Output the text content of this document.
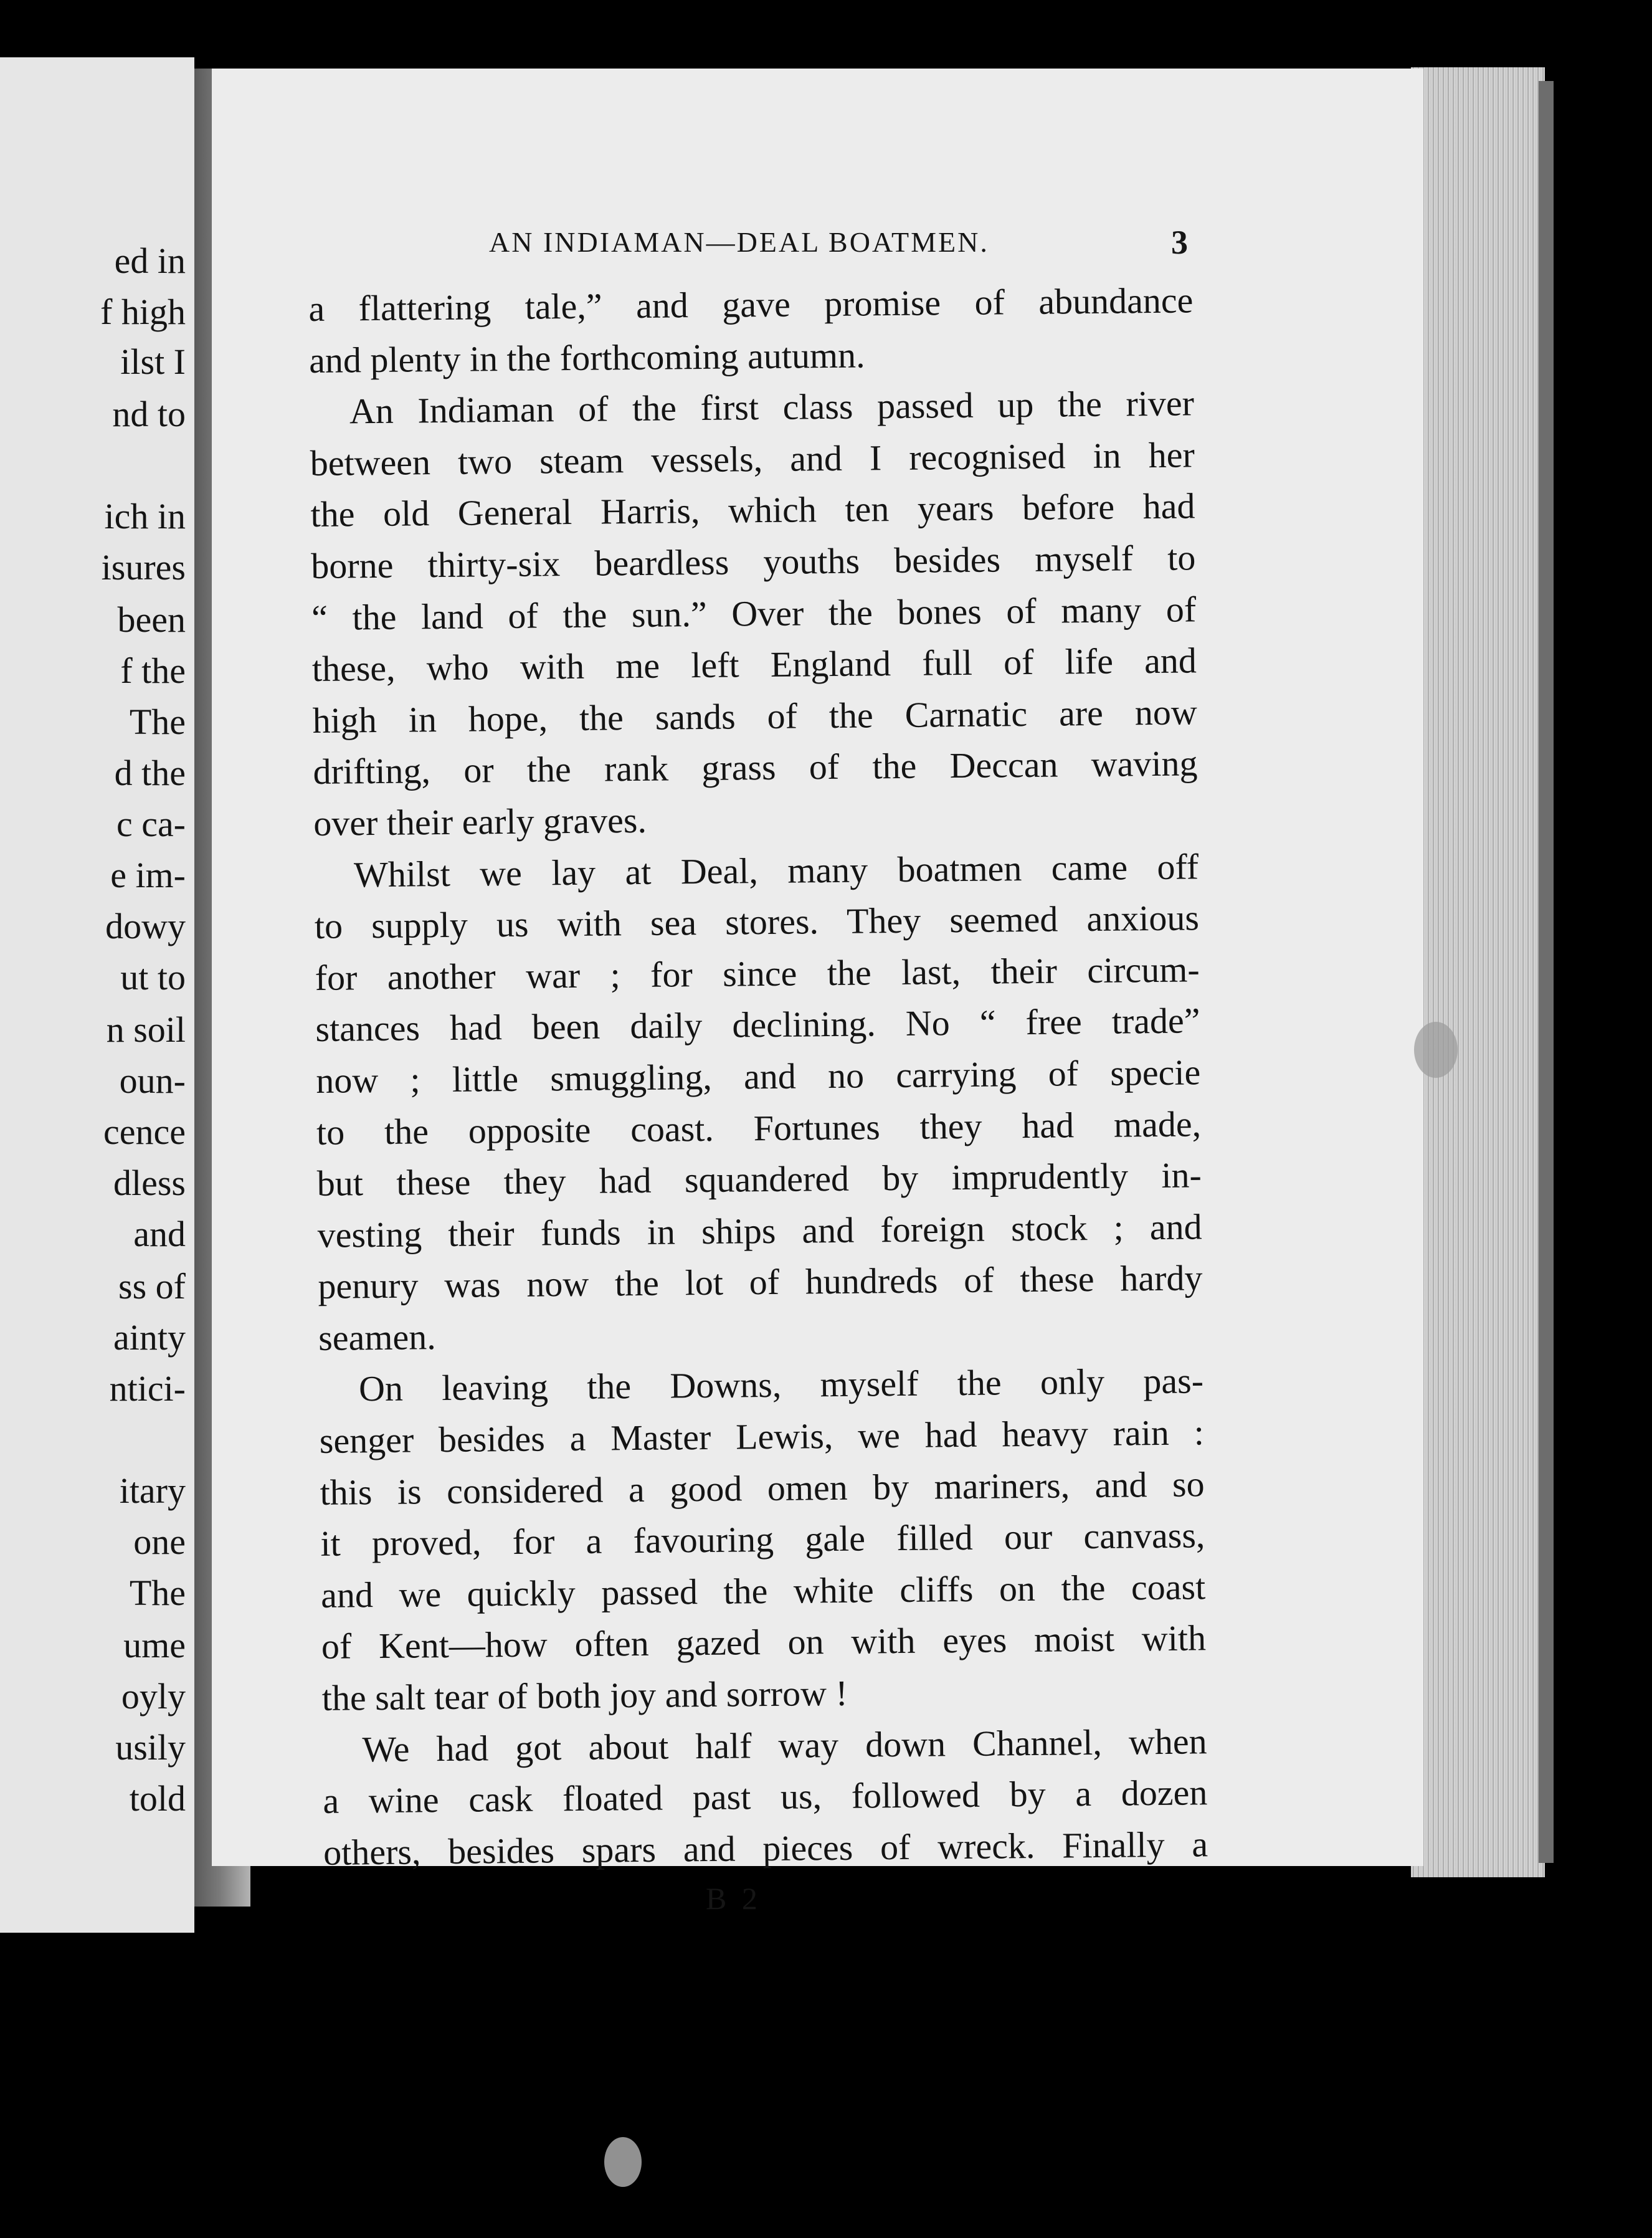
ed in
f high
ilst I
nd to
ich in
isures
been
f the
The
d the
c ca-
e im-
dowy
ut to
n soil
oun-
cence
dless
and
ss of
ainty
ntici-
itary
one
The
ume
oyly
usily
told
AN INDIAMAN—DEAL BOATMEN.	3
a flattering tale,” and gave promise of abundance
and plenty in the forthcoming autumn.
An Indiaman of the first class passed up the river
between two steam vessels, and I recognised in her
the old General Harris, which ten years before had
borne thirty-six beardless youths besides myself to
“ the land of the sun.” Over the bones of many of
these, who with me left England full of life and
high in hope, the sands of the Carnatic are now
drifting, or the rank grass of the Deccan waving
over their early graves.
Whilst we lay at Deal, many boatmen came off
to supply us with sea stores. They seemed anxious
for another war ; for since the last, their circum-
stances had been daily declining. No “ free trade”
now ; little smuggling, and no carrying of specie
to the opposite coast. Fortunes they had made,
but these they had squandered by imprudently in-
vesting their funds in ships and foreign stock ; and
penury was now the lot of hundreds of these hardy
seamen.
On leaving the Downs, myself the only pas-
senger besides a Master Lewis, we had heavy rain :
this is considered a good omen by mariners, and so
it proved, for a favouring gale filled our canvass,
and we quickly passed the white cliffs on the coast
of Kent—how often gazed on with eyes moist with
the salt tear of both joy and sorrow !
We had got about half way down Channel, when
a wine cask floated past us, followed by a dozen
others, besides spars and pieces of wreck. Finally a
B 2
